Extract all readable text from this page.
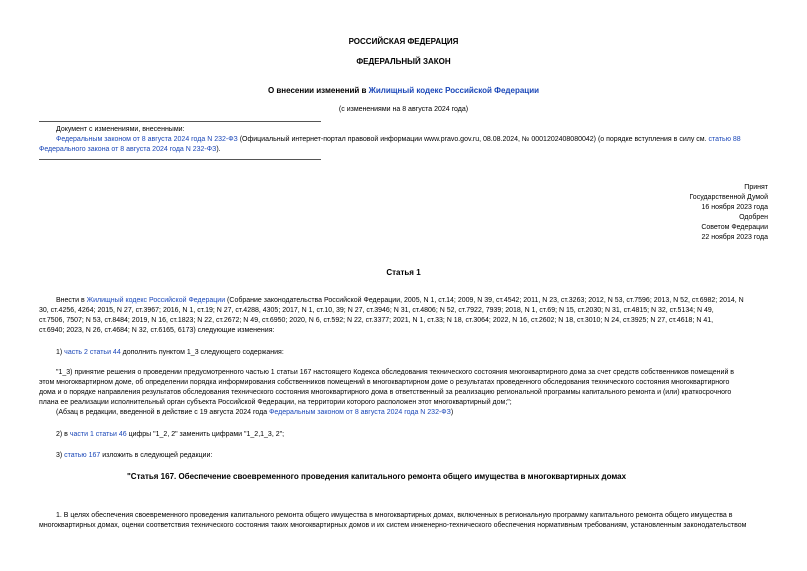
РОССИЙСКАЯ ФЕДЕРАЦИЯ

ФЕДЕРАЛЬНЫЙ ЗАКОН

О внесении изменений в Жилищный кодекс Российской Федерации

(с изменениями на 8 августа 2024 года)

Документ с изменениями, внесенными:

Федеральным законом от 8 августа 2024 года N 232-ФЗ (Официальный интернет-портал правовой информации www.pravo.gov.ru, 08.08.2024, № 0001202408080042) (о порядке вступления в силу см. статью 88 Федерального закона от 8 августа 2024 года N 232-ФЗ).

Принят
Государственной Думой
16 ноября 2023 года
Одобрен
Советом Федерации
22 ноября 2023 года

Статья 1

Внести в Жилищный кодекс Российской Федерации (Собрание законодательства Российской Федерации, 2005, N 1, ст.14; 2009, N 39, ст.4542; 2011, N 23, ст.3263; 2012, N 53, ст.7596; 2013, N 52, ст.6982; 2014, N
30, ст.4256, 4264; 2015, N 27, ст.3967; 2016, N 1, ст.19; N 27, ст.4288, 4305; 2017, N 1, ст.10, 39; N 27, ст.3946; N 31, ст.4806; N 52, ст.7922, 7939; 2018, N 1, ст.69; N 15, ст.2030; N 31, ст.4815; N 32, ст.5134; N 49,
ст.7506, 7507; N 53, ст.8484; 2019, N 16, ст.1823; N 22, ст.2672; N 49, ст.6950; 2020, N 6, ст.592; N 22, ст.3377; 2021, N 1, ст.33; N 18, ст.3064; 2022, N 16, ст.2602; N 18, ст.3010; N 24, ст.3925; N 27, ст.4618; N 41,
ст.6940; 2023, N 26, ст.4684; N 32, ст.6165, 6173) следующие изменения:

1) часть 2 статьи 44 дополнить пунктом 1_3 следующего содержания:

"1_3) принятие решения о проведении предусмотренного частью 1 статьи 167 настоящего Кодекса обследования технического состояния многоквартирного дома за счет средств собственников помещений в
этом многоквартирном доме, об определении порядка информирования собственников помещений в многоквартирном доме о результатах проведенного обследования технического состояния многоквартирного
дома и о порядке направления результатов обследования технического состояния многоквартирного дома в ответственный за реализацию региональной программы капитального ремонта и (или) краткосрочного
плана ее реализации исполнительный орган субъекта Российской Федерации, на территории которого расположен этот многоквартирный дом;";
(Абзац в редакции, введенной в действие с 19 августа 2024 года Федеральным законом от 8 августа 2024 года N 232-ФЗ)

2) в части 1 статьи 46 цифры "1_2, 2" заменить цифрами "1_2,1_3, 2";

3) статью 167 изложить в следующей редакции:

"Статья 167. Обеспечение своевременного проведения капитального ремонта общего имущества в многоквартирных домах

1. В целях обеспечения своевременного проведения капитального ремонта общего имущества в многоквартирных домах, включенных в региональную программу капитального ремонта общего имущества в
многоквартирных домах, оценки соответствия технического состояния таких многоквартирных домов и их систем инженерно-технического обеспечения нормативным требованиям, установленным законодательством
